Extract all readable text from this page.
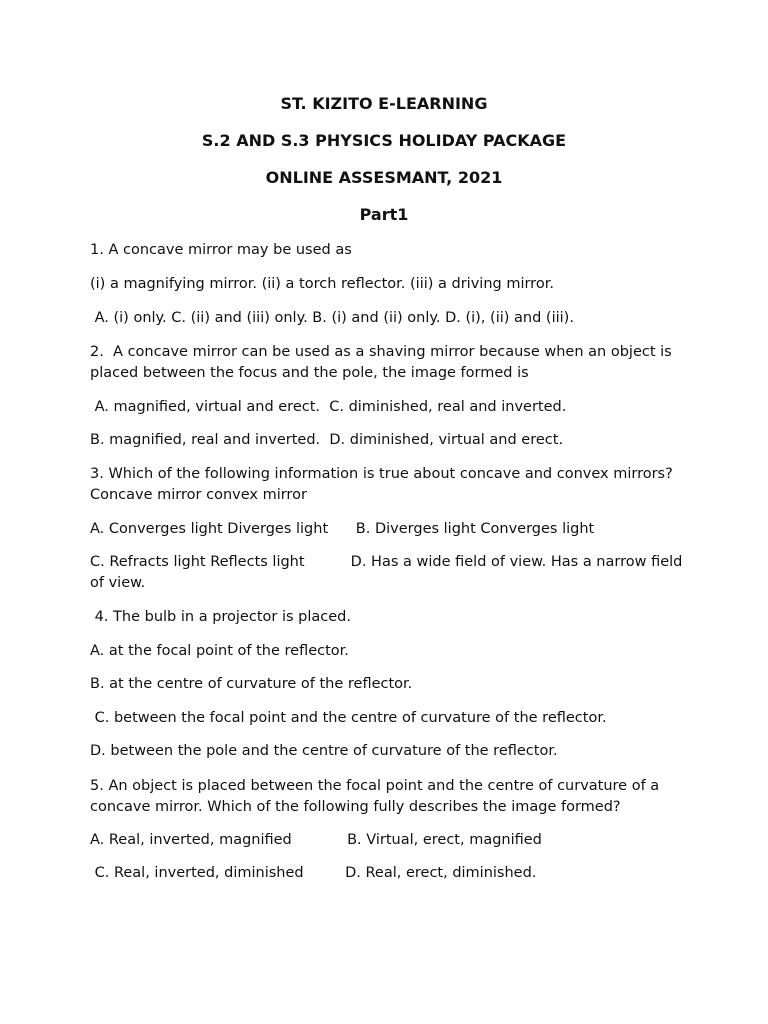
ST. KIZITO E-LEARNING
S.2 AND S.3 PHYSICS HOLIDAY PACKAGE
ONLINE ASSESMANT, 2021
Part1
1. A concave mirror may be used as
(i) a magnifying mirror. (ii) a torch reflector. (iii) a driving mirror.
A. (i) only. C. (ii) and (iii) only. B. (i) and (ii) only. D. (i), (ii) and (iii).
2.  A concave mirror can be used as a shaving mirror because when an object is placed between the focus and the pole, the image formed is
A. magnified, virtual and erect.  C. diminished, real and inverted.
B. magnified, real and inverted.  D. diminished, virtual and erect.
3. Which of the following information is true about concave and convex mirrors? Concave mirror convex mirror
A. Converges light Diverges light      B. Diverges light Converges light
C. Refracts light Reflects light          D. Has a wide field of view. Has a narrow field of view.
4. The bulb in a projector is placed.
A. at the focal point of the reflector.
B. at the centre of curvature of the reflector.
C. between the focal point and the centre of curvature of the reflector.
D. between the pole and the centre of curvature of the reflector.
5. An object is placed between the focal point and the centre of curvature of a concave mirror. Which of the following fully describes the image formed?
A. Real, inverted, magnified            B. Virtual, erect, magnified
C. Real, inverted, diminished         D. Real, erect, diminished.
